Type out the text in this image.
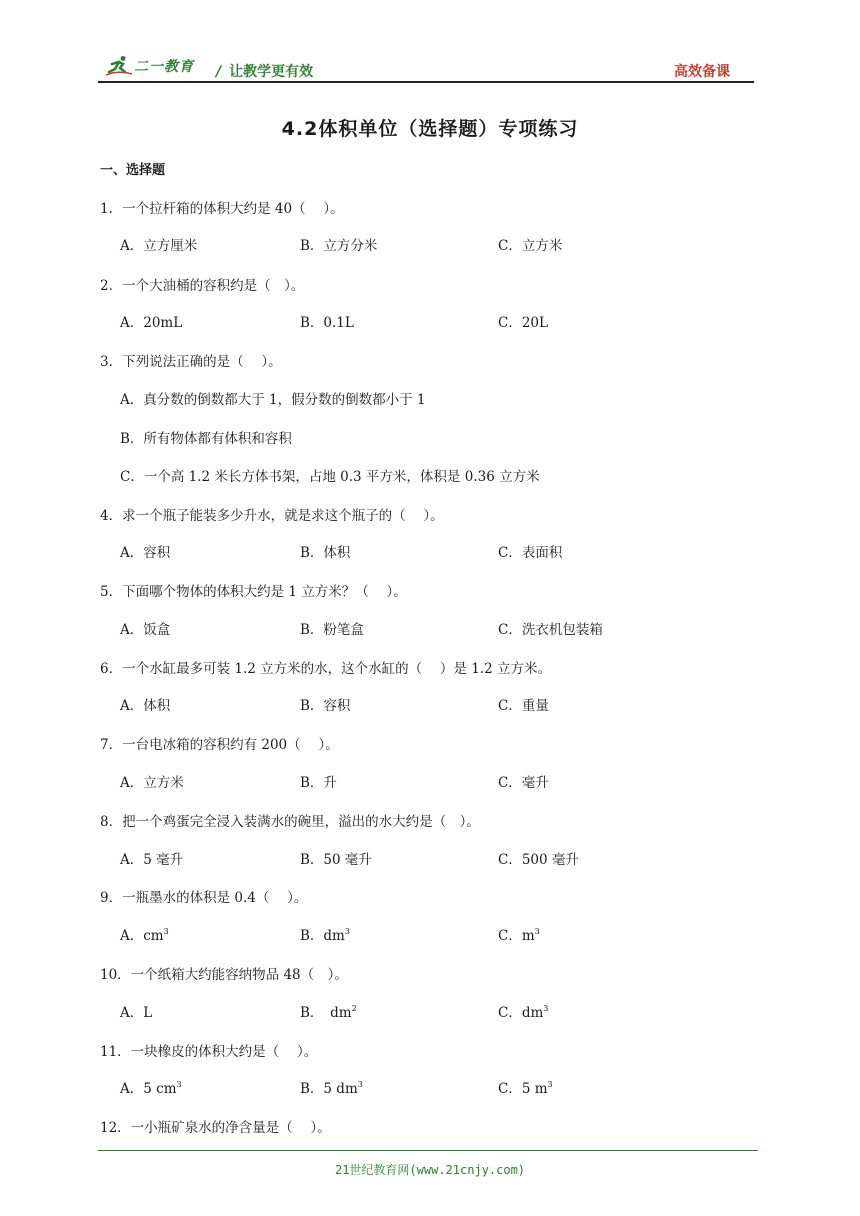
二一教育 / 让教学更有效	高效备课
4.2体积单位（选择题）专项练习
一、选择题
1．一个拉杆箱的体积大约是 40（　 ）。
A．立方厘米	B．立方分米	C．立方米
2．一个大油桶的容积约是（　）。
A．20mL	B．0.1L	C．20L
3．下列说法正确的是（　 ）。
A．真分数的倒数都大于 1，假分数的倒数都小于 1
B．所有物体都有体积和容积
C．一个高 1.2 米长方体书架，占地 0.3 平方米，体积是 0.36 立方米
4．求一个瓶子能装多少升水，就是求这个瓶子的（　 ）。
A．容积	B．体积	C．表面积
5．下面哪个物体的体积大约是 1 立方米？（　 ）。
A．饭盒	B．粉笔盒	C．洗衣机包装箱
6．一个水缸最多可装 1.2 立方米的水，这个水缸的（　 ）是 1.2 立方米。
A．体积	B．容积	C．重量
7．一台电冰箱的容积约有 200（　 ）。
A．立方米	B．升	C．毫升
8．把一个鸡蛋完全浸入装满水的碗里，溢出的水大约是（　）。
A．5 毫升	B．50 毫升	C．500 毫升
9．一瓶墨水的体积是 0.4（　 ）。
A．$cm^3$	B．$dm^3$	C．$m^3$
10．一个纸箱大约能容纳物品 48（　）。
A．L	B．　$dm^2$	C．$dm^3$
11．一块橡皮的体积大约是（　 ）。
A．5 $cm^3$	B．5 $dm^3$	C．5 $m^3$
12．一小瓶矿泉水的净含量是（　 ）。
21世纪教育网(www.21cnjy.com)
